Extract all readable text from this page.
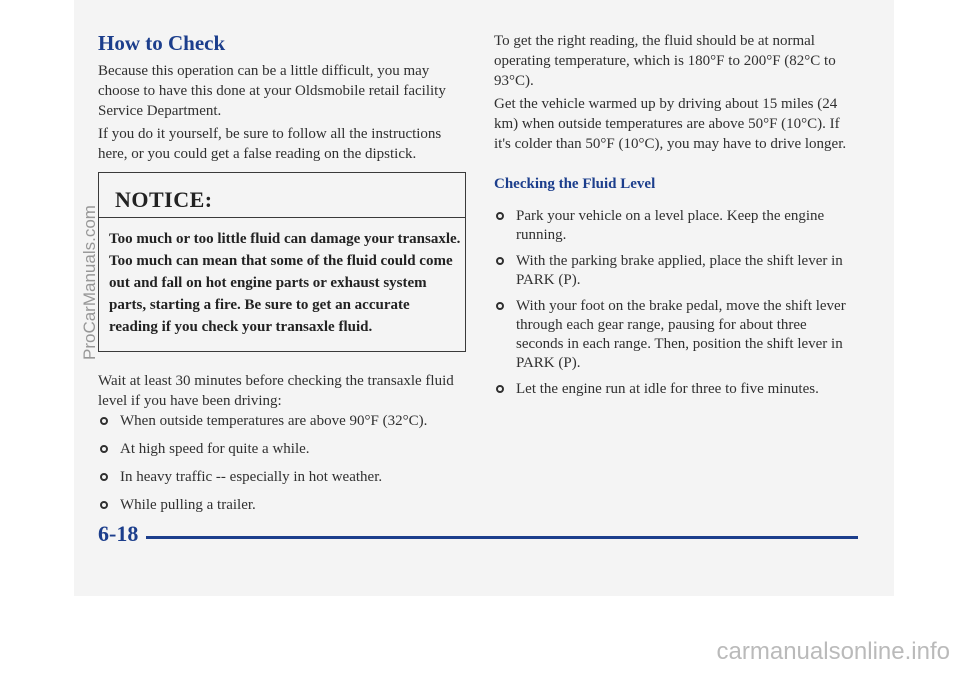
How to Check

Because this operation can be a little difficult, you may choose to have this done at your Oldsmobile retail facility Service Department.

If you do it yourself, be sure to follow all the instructions here, or you could get a false reading on the dipstick.

NOTICE:

Too much or too little fluid can damage your transaxle. Too much can mean that some of the fluid could come out and fall on hot engine parts or exhaust system parts, starting a fire. Be sure to get an accurate reading if you check your transaxle fluid.

Wait at least 30 minutes before checking the transaxle fluid level if you have been driving:

When outside temperatures are above 90°F (32°C).
At high speed for quite a while.
In heavy traffic -- especially in hot weather.
While pulling a trailer.

To get the right reading, the fluid should be at normal operating temperature, which is 180°F to 200°F (82°C to 93°C).

Get the vehicle warmed up by driving about 15 miles (24 km) when outside temperatures are above 50°F (10°C). If it's colder than 50°F (10°C), you may have to drive longer.

Checking the Fluid Level
Park your vehicle on a level place. Keep the engine running.
With the parking brake applied, place the shift lever in PARK (P).
With your foot on the brake pedal, move the shift lever through each gear range, pausing for about three seconds in each range. Then, position the shift lever in PARK (P).
Let the engine run at idle for three to five minutes.
6-18
ProCarManuals.com
carmanualsonline.info
